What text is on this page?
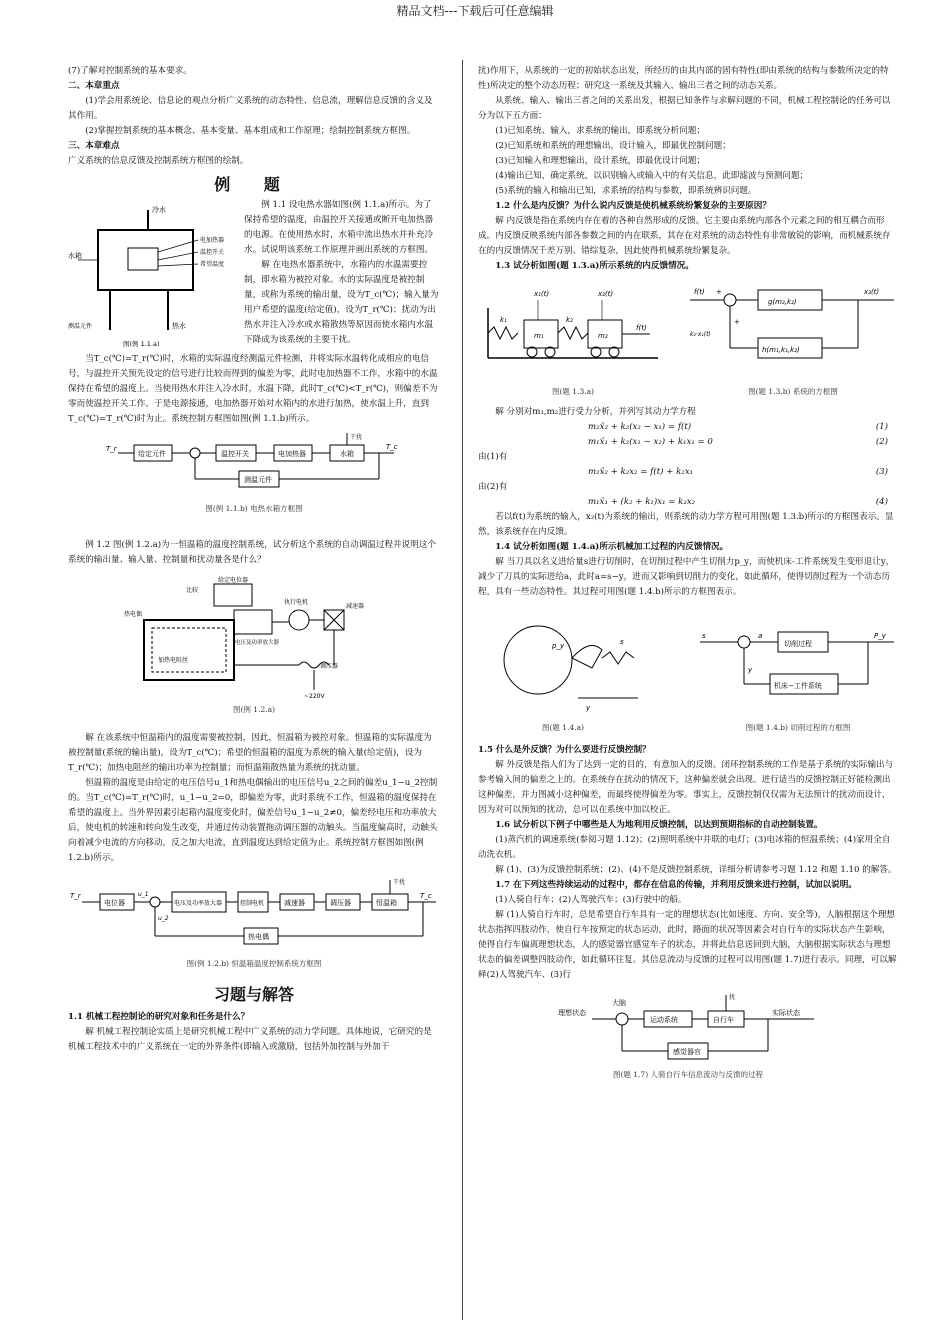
精品文档---下载后可任意编辑

(7)了解对控制系统的基本要求。

二、本章重点

(1)学会用系统论、信息论的观点分析广义系统的动态特性、信息流，理解信息反馈的含义及其作用。

(2)掌握控制系统的基本概念、基本变量、基本组成和工作原理；绘制控制系统方框图。

三、本章难点

广义系统的信息反馈及控制系统方框图的绘制。

例 题
冷水
电加热器
温控开关
希望温度
水箱
热水
测温元件
图(例 1.1.a)

例 1.1 设电热水器如图(例 1.1.a)所示。为了保持希望的温度，由温控开关接通或断开电加热器的电源。在使用热水时，水箱中流出热水并补充冷水。试说明该系统工作原理并画出系统的方框图。

解 在电热水器系统中，水箱内的水温需要控制，即水箱为被控对象。水的实际温度是被控制量，或称为系统的输出量，设为T_c(℃)；输入量为用户希望的温度(给定值)，设为T_r(℃)；扰动为出热水并注入冷水或水箱散热等原因而使水箱内水温下降成为该系统的主要干扰。

当T_c(℃)=T_r(℃)时，水箱的实际温度经测温元件检测，并将实际水温转化成相应的电信号，与温控开关预先设定的信号进行比较而得到的偏差为零，此时电加热器不工作，水箱中的水温保持在希望的温度上。当使用热水并注入冷水时，水温下降，此时T_c(℃)<T_r(℃)，则偏差不为零而使温控开关工作。于是电源接通，电加热器开始对水箱内的水进行加热，使水温上升，直到T_c(℃)=T_r(℃)时为止。系统控制方框图如图(例 1.1.b)所示。

T_r
给定元件	温控开关	电加热器	水箱
干扰
T_c
测温元件

图(例 1.1.b) 电热水箱方框图

例 1.2 图(例 1.2.a)为一恒温箱的温度控制系统，试分析这个系统的自动调温过程并说明这个系统的输出量、输入量、控制量和扰动量各是什么？

给定电位器
比较
执行电机
电压及功率放大器
减速器
热电偶
加热电阻丝
调压器
~220V

图(例 1.2.a)

解 在该系统中恒温箱内的温度需要被控制，因此，恒温箱为被控对象。恒温箱的实际温度为被控制量(系统的输出量)，设为T_c(℃)；希望的恒温箱的温度为系统的输入量(给定值)，设为T_r(℃)；加热电阻丝的输出功率为控制量；而恒温箱散热量为系统的扰动量。

恒温箱的温度是由给定的电压信号u_1和热电偶输出的电压信号u_2之间的偏差u_1−u_2控制的。当T_c(℃)=T_r(℃)时，u_1−u_2=0，即偏差为零，此时系统不工作，恒温箱的温度保持在希望的温度上。当外界因素引起箱内温度变化时，偏差信号u_1−u_2≠0，偏差经电压和功率放大后，使电机的转速和转向发生改变，并通过传动装置拖动调压器的动触头。当温度偏高时，动触头向着减少电流的方向移动，反之加大电流，直到温度达到给定值为止。系统控制方框图如图(例 1.2.b)所示。

T_r
电位器
u_1
电压及功率放大器	控制电机	减速器	调压器	恒温箱
干扰
T_c
热电偶
u_2

图(例 1.2.b) 恒温箱温度控制系统方框图

习题与解答

1.1 机械工程控制论的研究对象和任务是什么？

解 机械工程控制论实质上是研究机械工程中广义系统的动力学问题。具体地说，它研究的是机械工程技术中的广义系统在一定的外界条件(即输入或激励，包括外加控制与外加干

扰)作用下，从系统的一定的初始状态出发，所经历的由其内部的固有特性(即由系统的结构与参数所决定的特性)所决定的整个动态历程；研究这一系统及其输入、输出三者之间的动态关系。

从系统、输入、输出三者之间的关系出发，根据已知条件与求解问题的不同，机械工程控制论的任务可以分为以下五方面：

(1)已知系统、输入，求系统的输出，即系统分析问题；

(2)已知系统和系统的理想输出，设计输入，即最优控制问题；

(3)已知输入和理想输出，设计系统，即最优设计问题；

(4)输出已知，确定系统，以识别输入或输入中的有关信息，此即滤波与预测问题；

(5)系统的输入和输出已知，求系统的结构与参数，即系统辨识问题。

1.2 什么是内反馈？为什么说内反馈是使机械系统纷繁复杂的主要原因？

解 内反馈是指在系统内存在着的各种自然形成的反馈。它主要由系统内部各个元素之间的相互耦合而形成。内反馈反映系统内部各参数之间的内在联系，其存在对系统的动态特性有非常敏锐的影响，而机械系统存在的内反馈情况千差万别、错综复杂，因此使得机械系统纷繁复杂。

1.3 试分析如图(题 1.3.a)所示系统的内反馈情况。

k₁	k₂
m₁	m₂
f(t)
x₁(t)	x₂(t)

图(题 1.3.a)

f(t) +
g(m₂,k₂)
x₂(t)
h(m₁,k₁,k₂)
+
k₂·x₁(t)

图(题 1.3.b) 系统的方框图

解 分别对m₁,m₂进行受力分析，并列写其动力学方程

m₂ẍ₂ + k₂(x₂ − x₁) = f(t)	(1)
m₁ẍ₁ + k₂(x₁ − x₂) + k₁x₁ = 0	(2)

由(1)有

m₂ẍ₂ + k₂x₂ = f(t) + k₂x₁	(3)

由(2)有

m₁ẍ₁ + (k₂ + k₁)x₁ = k₂x₂	(4)

若以f(t)为系统的输入，x₂(t)为系统的输出，则系统的动力学方程可用图(题 1.3.b)所示的方框图表示。显然，该系统存在内反馈。

1.4 试分析如图(题 1.4.a)所示机械加工过程的内反馈情况。

解 当刀具以名义进给量s进行切削时，在切削过程中产生切削力p_y，而使机床-工件系统发生变形退让y，减少了刀具的实际进给a，此时a=s−y，进而又影响到切削力的变化，如此循环，使得切削过程为一个动态历程，具有一些动态特性。其过程可用图(题 1.4.b)所示的方框图表示。

p_y	s
y

图(题 1.4.a)

s	a
切削过程
P_y
机床−工件系统
y

图(题 1.4.b) 切削过程的方框图

1.5 什么是外反馈？为什么要进行反馈控制？

解 外反馈是指人们为了达到一定的目的，有意加入的反馈。闭环控制系统的工作是基于系统的实际输出与参考输入间的偏差之上的。在系统存在扰动的情况下，这种偏差就会出现。进行适当的反馈控制正好能检测出这种偏差，并力图减小这种偏差，而最终使得偏差为零。事实上，反馈控制仅仅需为无法预计的扰动而设计，因为对可以预知的扰动，总可以在系统中加以校正。

1.6 试分析以下例子中哪些是人为地利用反馈控制，以达到预期指标的自动控制装置。

(1)蒸汽机的调速系统(参阅习题 1.12)；(2)照明系统中并联的电灯；(3)电冰箱的恒温系统；(4)家用全自动洗衣机。

解 (1)、(3)为反馈控制系统；(2)、(4)不是反馈控制系统，详细分析请参考习题 1.12 和题 1.10 的解答。

1.7 在下列这些持续运动的过程中，都存在信息的传输，并利用反馈来进行控制，试加以说明。

(1)人骑自行车；(2)人驾驶汽车；(3)行驶中的船。

解 (1)人骑自行车时，总是希望自行车具有一定的理想状态(比如速度、方向、安全等)，人脑根据这个理想状态指挥四肢动作，使自行车按预定的状态运动，此时，路面的状况等因素会对自行车的实际状态产生影响，使得自行车偏离理想状态，人的感觉器官感觉车子的状态，并将此信息送回到大脑，大脑根据实际状态与理想状态的偏差调整四肢动作，如此循环往复。其信息流动与反馈的过程可以用图(题 1.7)进行表示。同理，可以解释(2)人驾驶汽车、(3)行

理想状态
大脑
运动系统	自行车
扰
实际状态
感觉器官

图(题 1.7) 人骑自行车信息流动与反馈的过程
